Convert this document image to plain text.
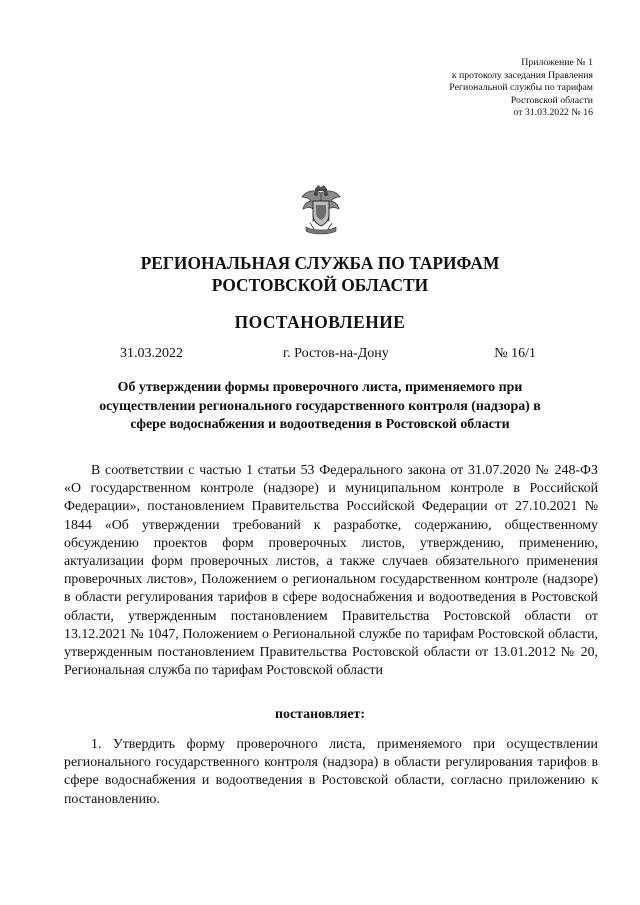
Приложение № 1
к протоколу заседания Правления
Региональной службы по тарифам
Ростовской области
от 31.03.2022 № 16
РЕГИОНАЛЬНАЯ СЛУЖБА ПО ТАРИФАМ
РОСТОВСКОЙ ОБЛАСТИ
ПОСТАНОВЛЕНИЕ
31.03.2022	г. Ростов-на-Дону	№ 16/1
Об утверждении формы проверочного листа, применяемого при
осуществлении регионального государственного контроля (надзора) в
сфере водоснабжения и водоотведения в Ростовской области

В соответствии с частью 1 статьи 53 Федерального закона от 31.07.2020 № 248-ФЗ «О государственном контроле (надзоре) и муниципальном контроле в Российской Федерации», постановлением Правительства Российской Федерации от 27.10.2021 № 1844 «Об утверждении требований к разработке, содержанию, общественному обсуждению проектов форм проверочных листов, утверждению, применению, актуализации форм проверочных листов, а также случаев обязательного применения проверочных листов», Положением о региональном государственном контроле (надзоре) в области регулирования тарифов в сфере водоснабжения и водоотведения в Ростовской области, утвержденным постановлением Правительства Ростовской области от 13.12.2021 № 1047, Положением о Региональной службе по тарифам Ростовской области, утвержденным постановлением Правительства Ростовской области от 13.01.2012 № 20, Региональная служба по тарифам Ростовской области

постановляет:

1. Утвердить форму проверочного листа, применяемого при осуществлении регионального государственного контроля (надзора) в области регулирования тарифов в сфере водоснабжения и водоотведения в Ростовской области, согласно приложению к постановлению.
